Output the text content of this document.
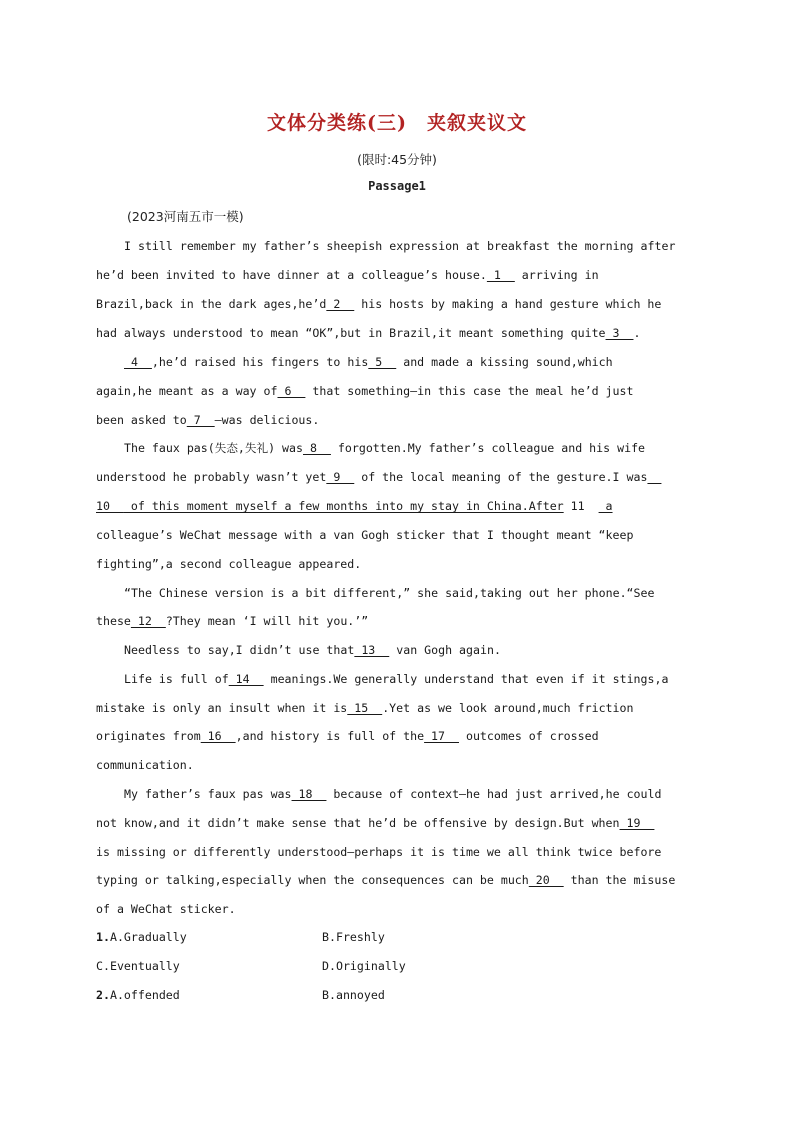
文体分类练(三)　夹叙夹议文
(限时:45分钟)
Passage1
(2023河南五市一模)
I still remember my father’s sheepish expression at breakfast the morning after
he’d been invited to have dinner at a colleague’s house. 1   arriving in
Brazil,back in the dark ages,he’d 2   his hosts by making a hand gesture which he
had always understood to mean “OK”,but in Brazil,it meant something quite 3  .
4  ,he’d raised his fingers to his 5   and made a kissing sound,which
again,he meant as a way of 6   that something—in this case the meal he’d just
been asked to 7  —was delicious.
The faux pas(失态,失礼) was 8   forgotten.My father’s colleague and his wife
understood he probably wasn’t yet 9   of the local meaning of the gesture.I was _
10   of this moment myself a few months into my stay in China.After 11   a
colleague’s WeChat message with a van Gogh sticker that I thought meant “keep
fighting”,a second colleague appeared.
“The Chinese version is a bit different,” she said,taking out her phone.“See
these 12  ?They mean ‘I will hit you.’”
Needless to say,I didn’t use that 13   van Gogh again.
Life is full of 14   meanings.We generally understand that even if it stings,a
mistake is only an insult when it is 15  .Yet as we look around,much friction
originates from 16  ,and history is full of the 17   outcomes of crossed
communication.
My father’s faux pas was 18   because of context—he had just arrived,he could
not know,and it didn’t make sense that he’d be offensive by design.But when 19
is missing or differently understood—perhaps it is time we all think twice before
typing or talking,especially when the consequences can be much 20   than the misuse
of a WeChat sticker.
1.A.Gradually	B.Freshly
C.Eventually	D.Originally
2.A.offended	B.annoyed
